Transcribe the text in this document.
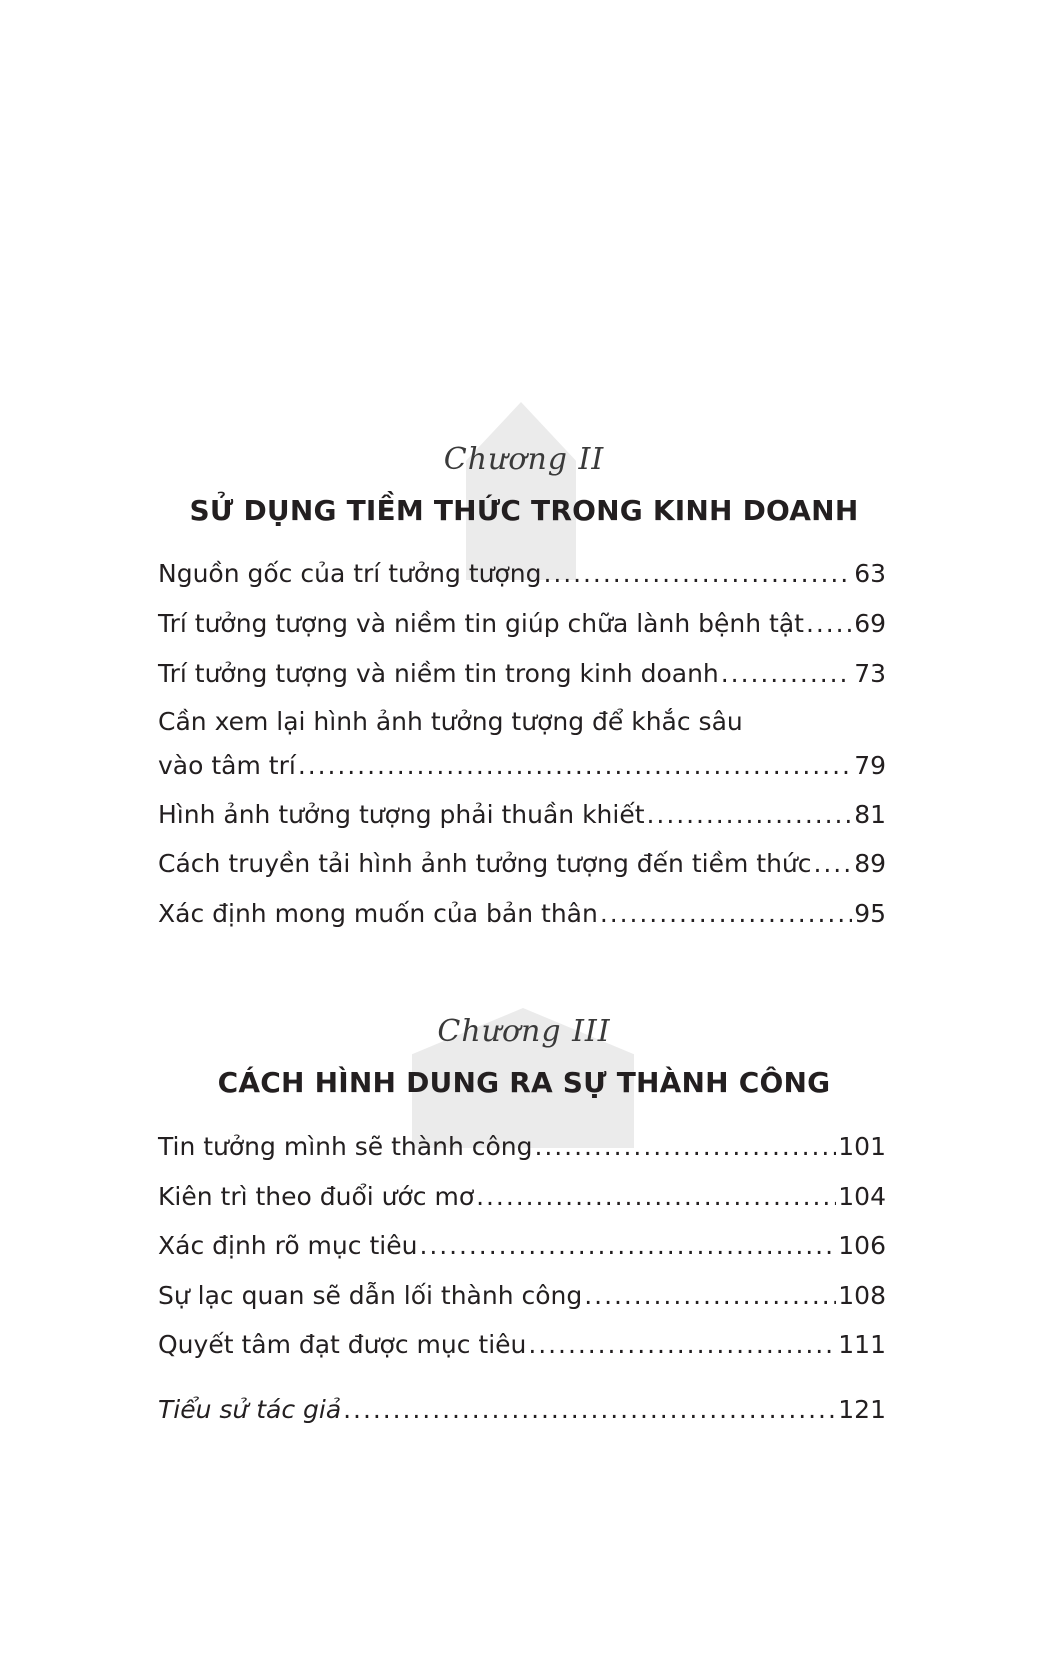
Chương II
SỬ DỤNG TIỀM THỨC TRONG KINH DOANH
Nguồn gốc của trí tưởng tượng . . .	63
Trí tưởng tượng và niềm tin giúp chữa lành bệnh tật . . . 69
Trí tưởng tượng và niềm tin trong kinh doanh . . .	73
Cần xem lại hình ảnh tưởng tượng để khắc sâu
vào tâm trí . . .	79
Hình ảnh tưởng tượng phải thuần khiết . . .	81
Cách truyền tải hình ảnh tưởng tượng đến tiềm thức . . . 89
Xác định mong muốn của bản thân . . .	95
Chương III
CÁCH HÌNH DUNG RA SỰ THÀNH CÔNG
Tin tưởng mình sẽ thành công . . .	101
Kiên trì theo đuổi ước mơ . . .	104
Xác định rõ mục tiêu . . .	106
Sự lạc quan sẽ dẫn lối thành công . . .	108
Quyết tâm đạt được mục tiêu . . .	111
Tiểu sử tác giả . . .	121
